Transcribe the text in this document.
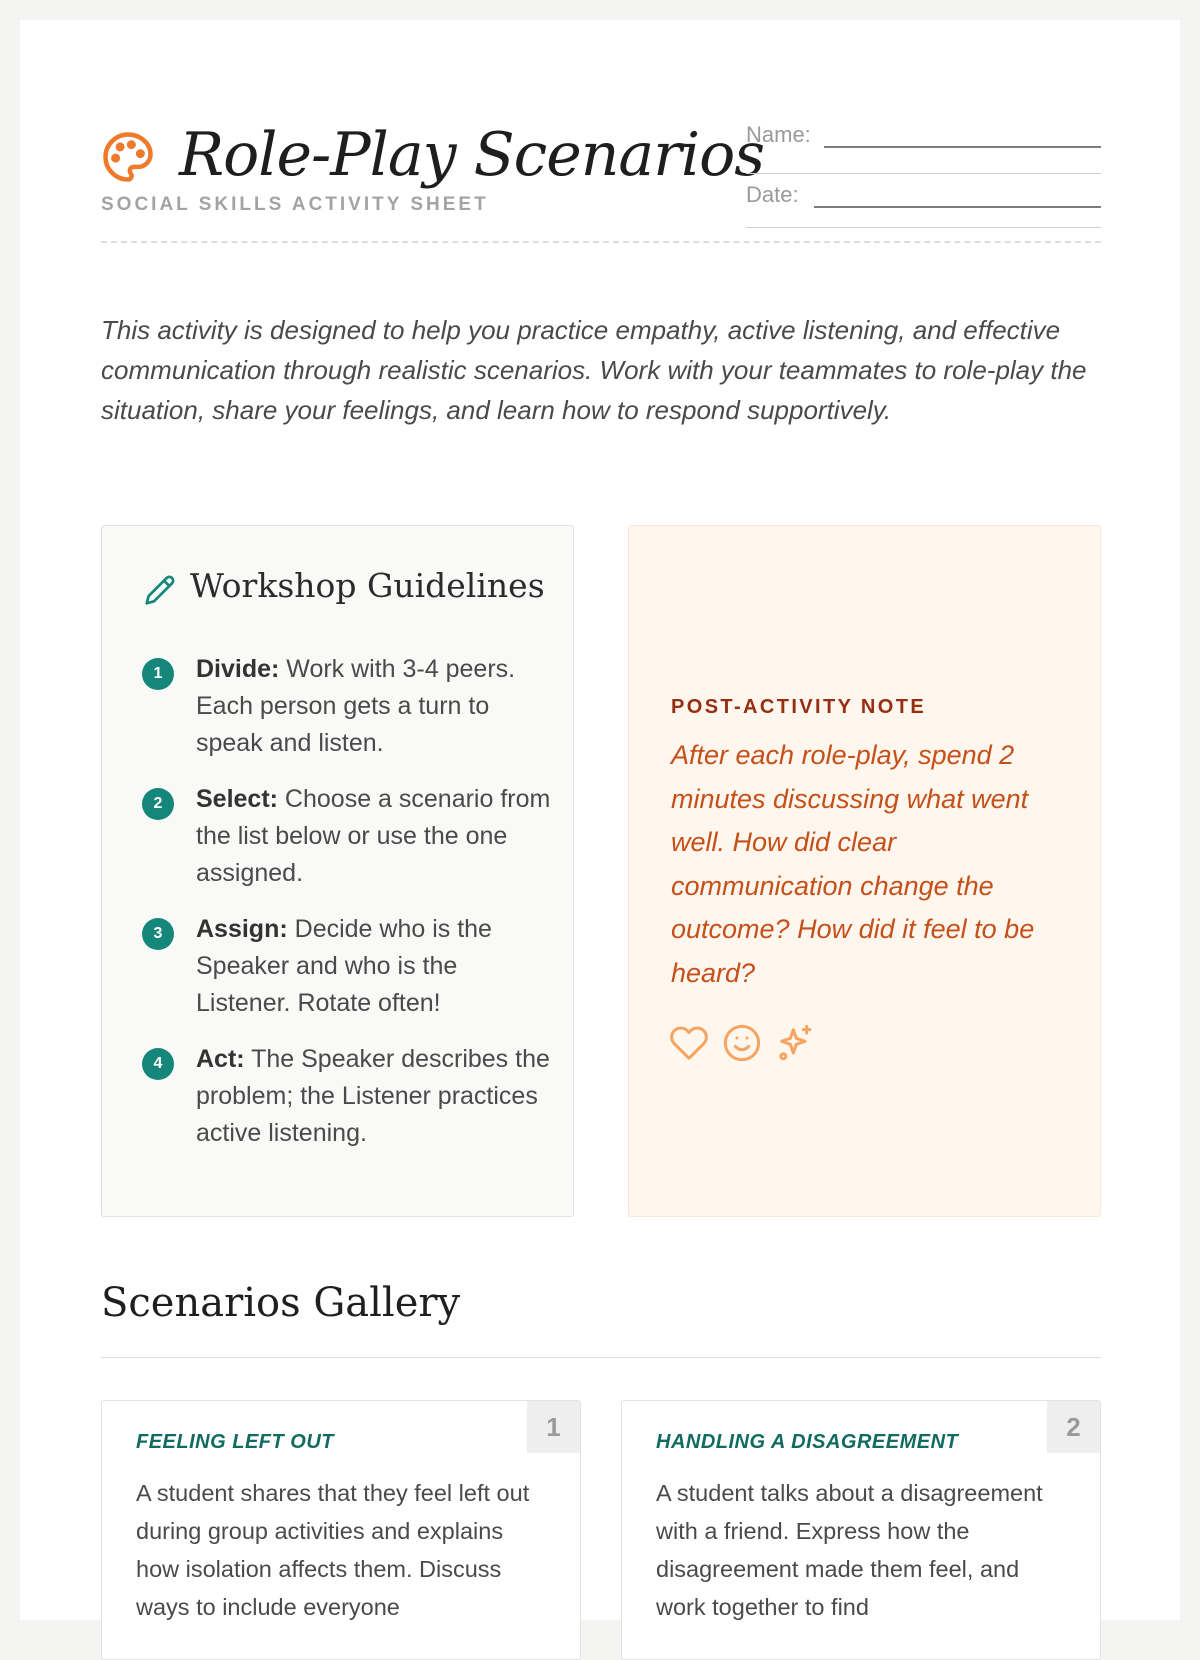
Role-Play Scenarios
SOCIAL SKILLS ACTIVITY SHEET
Name:
Date:
This activity is designed to help you practice empathy, active listening, and effective communication through realistic scenarios. Work with your teammates to role-play the situation, share your feelings, and learn how to respond supportively.
Workshop Guidelines
1	Divide: Work with 3-4 peers. Each person gets a turn to speak and listen.
2	Select: Choose a scenario from the list below or use the one assigned.
3	Assign: Decide who is the Speaker and who is the Listener. Rotate often!
4	Act: The Speaker describes the problem; the Listener practices active listening.
POST-ACTIVITY NOTE
After each role-play, spend 2 minutes discussing what went well. How did clear communication change the outcome? How did it feel to be heard?
Scenarios Gallery
1
FEELING LEFT OUT
A student shares that they feel left out during group activities and explains how isolation affects them. Discuss ways to include everyone
2
HANDLING A DISAGREEMENT
A student talks about a disagreement with a friend. Express how the disagreement made them feel, and work together to find
